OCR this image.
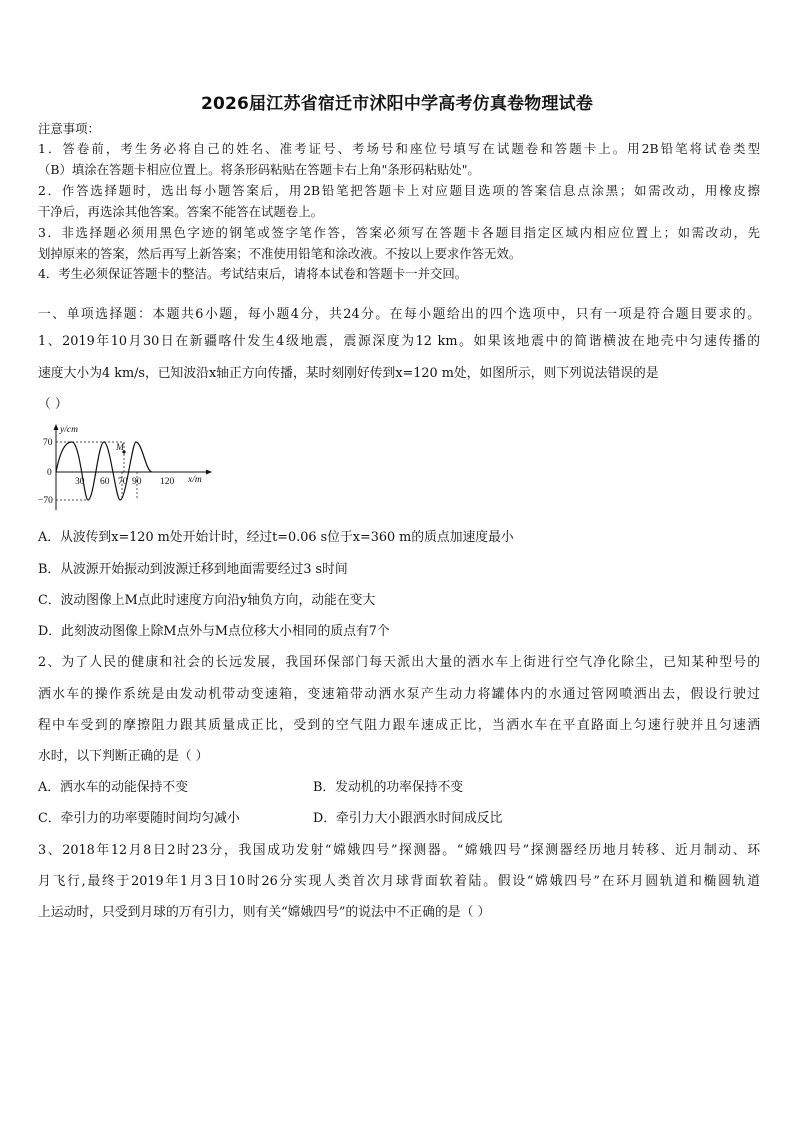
2026届江苏省宿迁市沭阳中学高考仿真卷物理试卷
注意事项：
1．答卷前，考生务必将自己的姓名、准考证号、考场号和座位号填写在试题卷和答题卡上。用2B铅笔将试卷类型
（B）填涂在答题卡相应位置上。将条形码粘贴在答题卡右上角"条形码粘贴处"。
2．作答选择题时，选出每小题答案后，用2B铅笔把答题卡上对应题目选项的答案信息点涂黑；如需改动，用橡皮擦
干净后，再选涂其他答案。答案不能答在试题卷上。
3．非选择题必须用黑色字迹的钢笔或签字笔作答，答案必须写在答题卡各题目指定区域内相应位置上；如需改动，先
划掉原来的答案，然后再写上新答案；不准使用铅笔和涂改液。不按以上要求作答无效。
4．考生必须保证答题卡的整洁。考试结束后，请将本试卷和答题卡一并交回。
一、单项选择题：本题共6小题，每小题4分，共24分。在每小题给出的四个选项中，只有一项是符合题目要求的。
1、2019年10月30日在新疆喀什发生4级地震，震源深度为12 km。如果该地震中的简谐横波在地壳中匀速传播的
速度大小为4 km/s，已知波沿x轴正方向传播，某时刻刚好传到x=120 m处，如图所示，则下列说法错误的是
（ ）
M
y/cm
x/m
70
0
−70
30 60 70 90 120
A．从波传到x=120 m处开始计时，经过t=0.06 s位于x=360 m的质点加速度最小
B．从波源开始振动到波源迁移到地面需要经过3 s时间
C．波动图像上M点此时速度方向沿y轴负方向，动能在变大
D．此刻波动图像上除M点外与M点位移大小相同的质点有7个
2、为了人民的健康和社会的长远发展，我国环保部门每天派出大量的洒水车上街进行空气净化除尘，已知某种型号的
洒水车的操作系统是由发动机带动变速箱，变速箱带动洒水泵产生动力将罐体内的水通过管网喷洒出去，假设行驶过
程中车受到的摩擦阻力跟其质量成正比，受到的空气阻力跟车速成正比，当洒水车在平直路面上匀速行驶并且匀速洒
水时，以下判断正确的是（ ）
A．洒水车的动能保持不变	B．发动机的功率保持不变
C．牵引力的功率要随时间均匀减小	D．牵引力大小跟洒水时间成反比
3、2018年12月8日2时23分，我国成功发射“嫦娥四号”探测器。“嫦娥四号”探测器经历地月转移、近月制动、环
月飞行,最终于2019年1月3日10时26分实现人类首次月球背面软着陆。假设“嫦娥四号”在环月圆轨道和椭圆轨道
上运动时，只受到月球的万有引力，则有关“嫦娥四号”的说法中不正确的是（ ）
